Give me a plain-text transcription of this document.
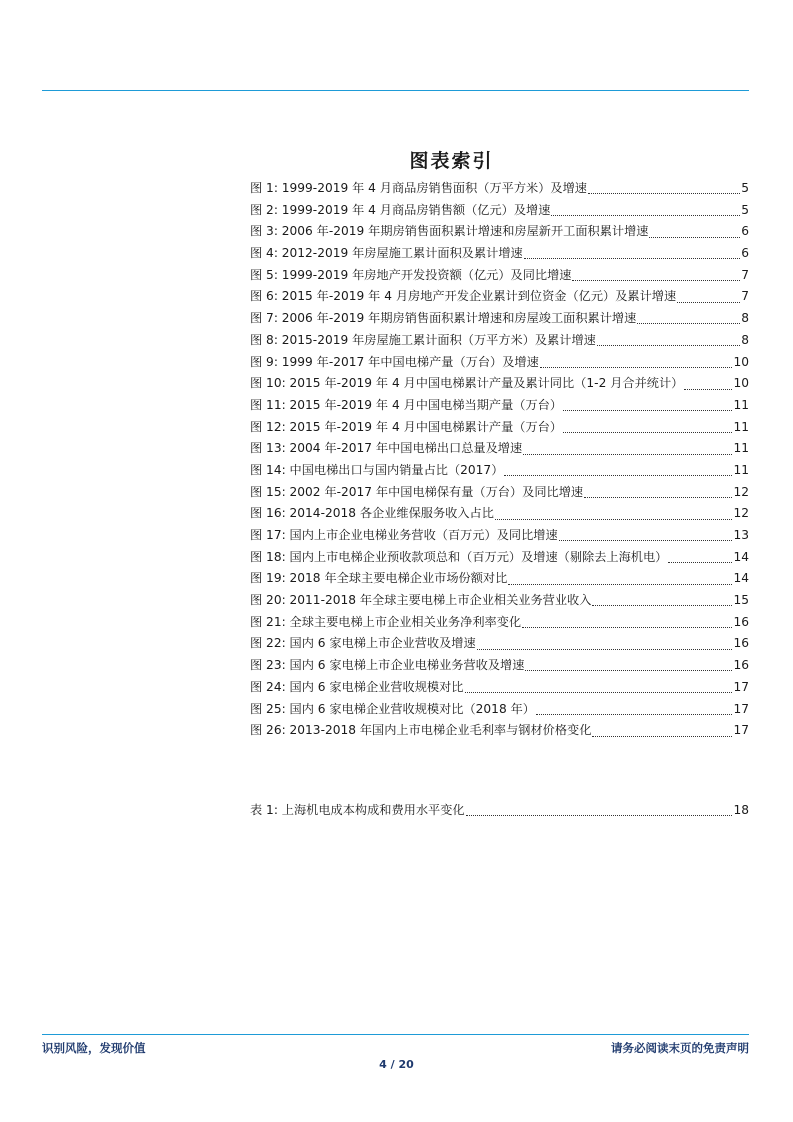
图表索引
图 1: 1999-2019 年 4 月商品房销售面积（万平方米）及增速	5
图 2: 1999-2019 年 4 月商品房销售额（亿元）及增速	5
图 3: 2006 年-2019 年期房销售面积累计增速和房屋新开工面积累计增速	6
图 4: 2012-2019 年房屋施工累计面积及累计增速	6
图 5: 1999-2019 年房地产开发投资额（亿元）及同比增速	7
图 6: 2015 年-2019 年 4 月房地产开发企业累计到位资金（亿元）及累计增速	7
图 7: 2006 年-2019 年期房销售面积累计增速和房屋竣工面积累计增速	8
图 8: 2015-2019 年房屋施工累计面积（万平方米）及累计增速	8
图 9: 1999 年-2017 年中国电梯产量（万台）及增速	10
图 10: 2015 年-2019 年 4 月中国电梯累计产量及累计同比（1-2 月合并统计）	10
图 11: 2015 年-2019 年 4 月中国电梯当期产量（万台）	11
图 12: 2015 年-2019 年 4 月中国电梯累计产量（万台）	11
图 13: 2004 年-2017 年中国电梯出口总量及增速	11
图 14: 中国电梯出口与国内销量占比（2017）	11
图 15: 2002 年-2017 年中国电梯保有量（万台）及同比增速	12
图 16: 2014-2018 各企业维保服务收入占比	12
图 17: 国内上市企业电梯业务营收（百万元）及同比增速	13
图 18: 国内上市电梯企业预收款项总和（百万元）及增速（剔除去上海机电）	14
图 19: 2018 年全球主要电梯企业市场份额对比	14
图 20: 2011-2018 年全球主要电梯上市企业相关业务营业收入	15
图 21: 全球主要电梯上市企业相关业务净利率变化	16
图 22: 国内 6 家电梯上市企业营收及增速	16
图 23: 国内 6 家电梯上市企业电梯业务营收及增速	16
图 24: 国内 6 家电梯企业营收规模对比	17
图 25: 国内 6 家电梯企业营收规模对比（2018 年）	17
图 26: 2013-2018 年国内上市电梯企业毛利率与钢材价格变化	17
表 1: 上海机电成本构成和费用水平变化	18
识别风险，发现价值	请务必阅读末页的免责声明
4 / 20
